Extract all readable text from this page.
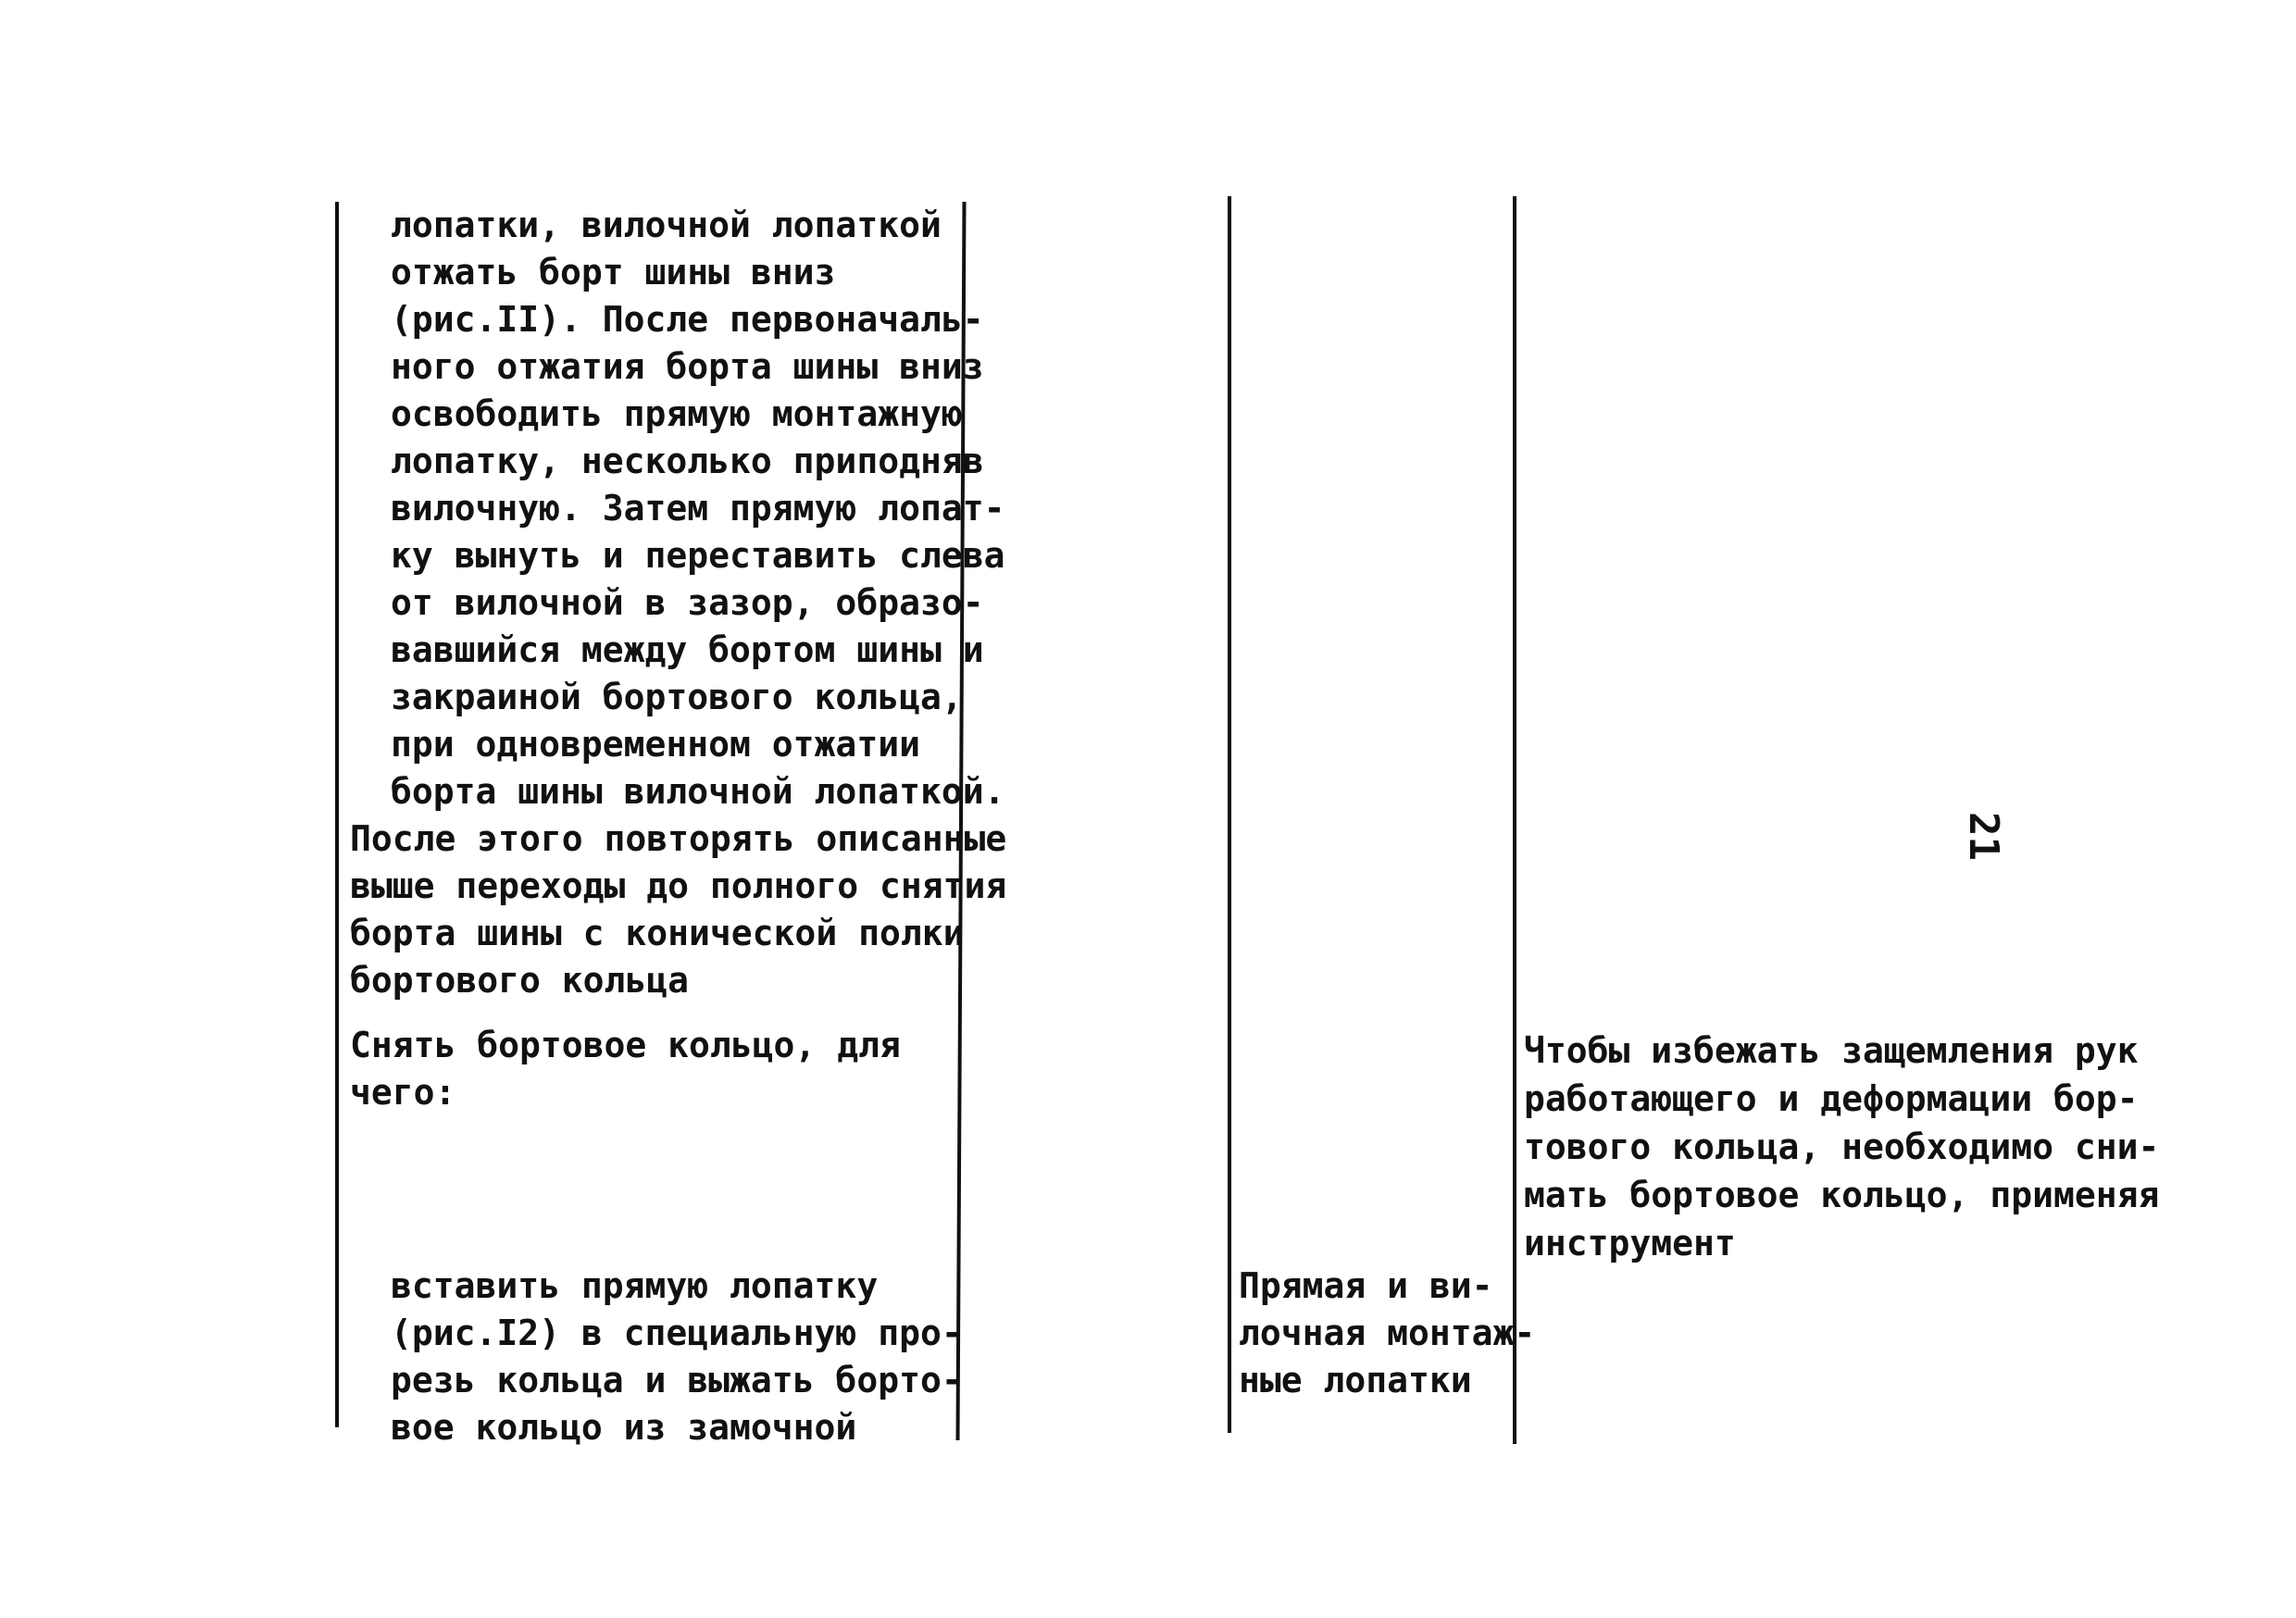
лопатки, вилочной лопаткой
отжать борт шины вниз
(рис.II). После первоначаль-
ного отжатия борта шины вниз
освободить прямую монтажную
лопатку, несколько приподняв
вилочную. Затем прямую лопат-
ку вынуть и переставить слева
от вилочной в зазор, образо-
вавшийся между бортом шины и
закраиной бортового кольца,
при одновременном отжатии
борта шины вилочной лопаткой.
После этого повторять описанные
выше переходы до полного снятия
борта шины с конической полки
бортового кольца
Снять бортовое кольцо, для
чего:
вставить прямую лопатку
(рис.I2) в специальную про-
резь кольца и выжать борто-
вое кольцо из замочной
Прямая и ви-
лочная монтаж-
ные лопатки
Чтобы избежать защемления рук
работающего и деформации бор-
тового кольца, необходимо сни-
мать бортовое кольцо, применяя
инструмент
21
